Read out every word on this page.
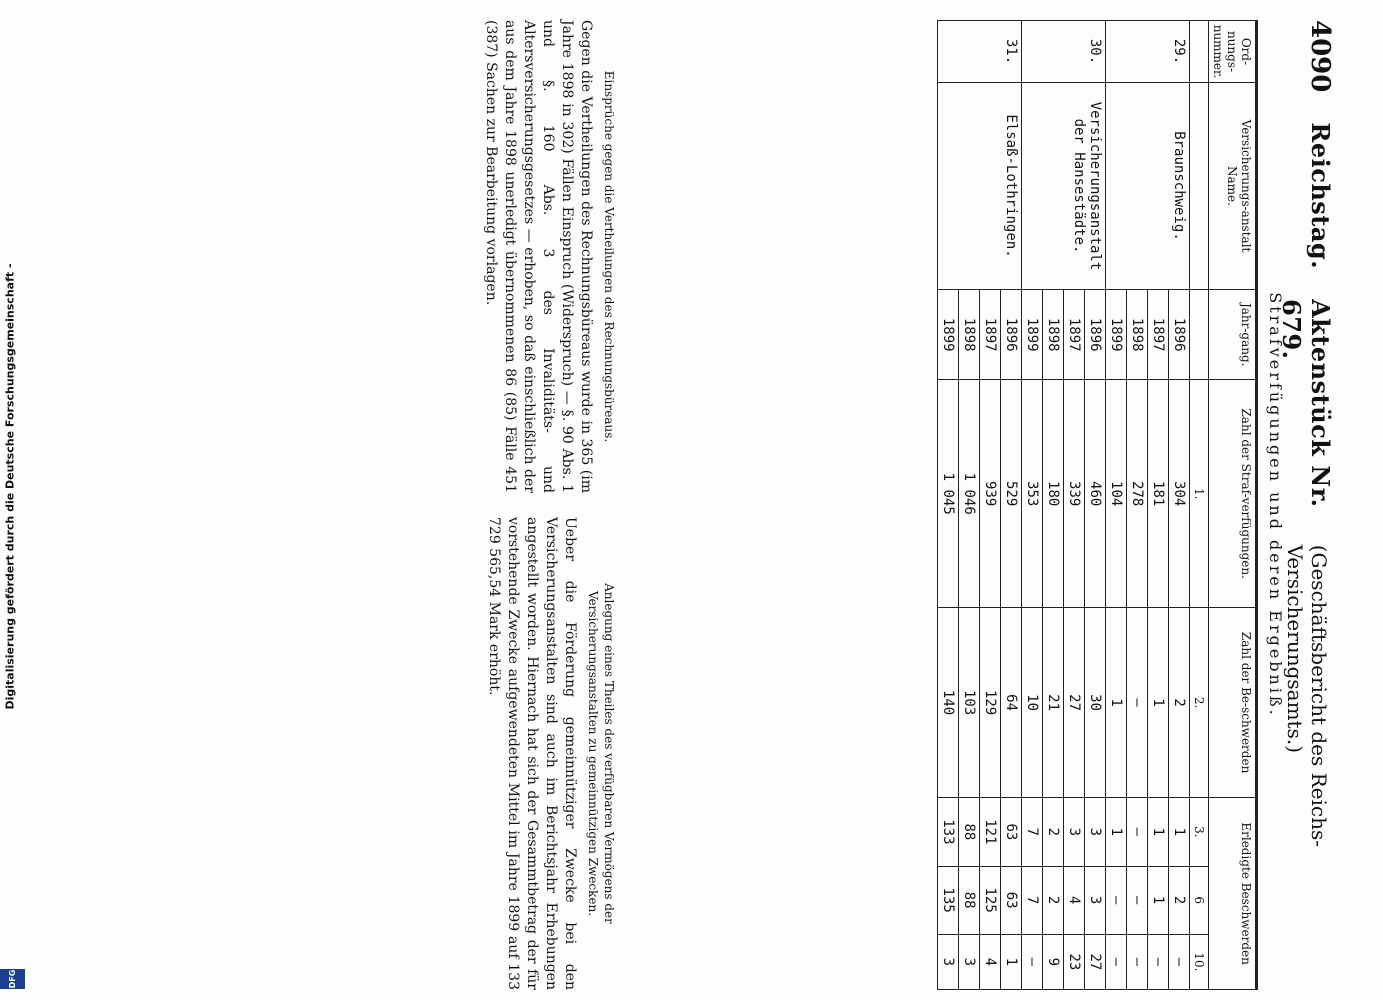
4090
Reichstag.
Aktenstück Nr. 679.
(Geschäftsbericht des Reichs-Versicherungsamts.)
Strafverfügungen und deren Ergebniß.
Ord-nungs-nummer.	Versicherungs-anstalt
Name.	Jahr-gang.	Zahl der Straf-verfügungen.	Zahl der Be-schwerden	Erledigte Beschwerden		
			1.	2.	3.	6	10.
29.	Braunschweig.	1896	304	2	1	2	—
		1897	181	1	1	1	—
		1898	278	—	—	—	—
		1899	104	1	1	—	—
30.	Versicherungsanstalt der Hansestädte.	1896	460	30	3	3	27
		1897	339	27	3	4	23
		1898	180	21	2	2	9
		1899	353	10	7	7	—
31.	Elsaß-Lothringen.	1896	529	64	63	63	1
		1897	939	129	121	125	4
		1898	1 046	103	88	88	3
		1899	1 045	140	133	135	3
Einsprüche gegen die Vertheilungen des Rechnungsbüreaus.

Gegen die Vertheilungen des Rechnungsbüreaus wurde in 365 (im Jahre 1898 in 302) Fällen Einspruch (Widerspruch) — §. 90 Abs. 1 und §. 160 Abs. 3 des Invaliditäts- und Altersversicherungsgesetzes — erhoben, so daß einschließlich der aus dem Jahre 1898 unerledigt übernommenen 86 (85) Fälle 451 (387) Sachen zur Bearbeitung vorlagen.

Anlegung eines Theiles des verfügbaren Vermögens der Versicherungsanstalten zu gemeinnützigen Zwecken.

Ueber die Förderung gemeinnütziger Zwecke bei den Versicherungsanstalten sind auch im Berichtsjahr Erhebungen angestellt worden. Hiernach hat sich der Gesammtbetrag der für vorstehende Zwecke aufgewendeten Mittel im Jahre 1899 auf 133 729 565,54 Mark erhöht.

Digitalisierung gefördert durch die Deutsche Forschungsgemeinschaft -
DFG
